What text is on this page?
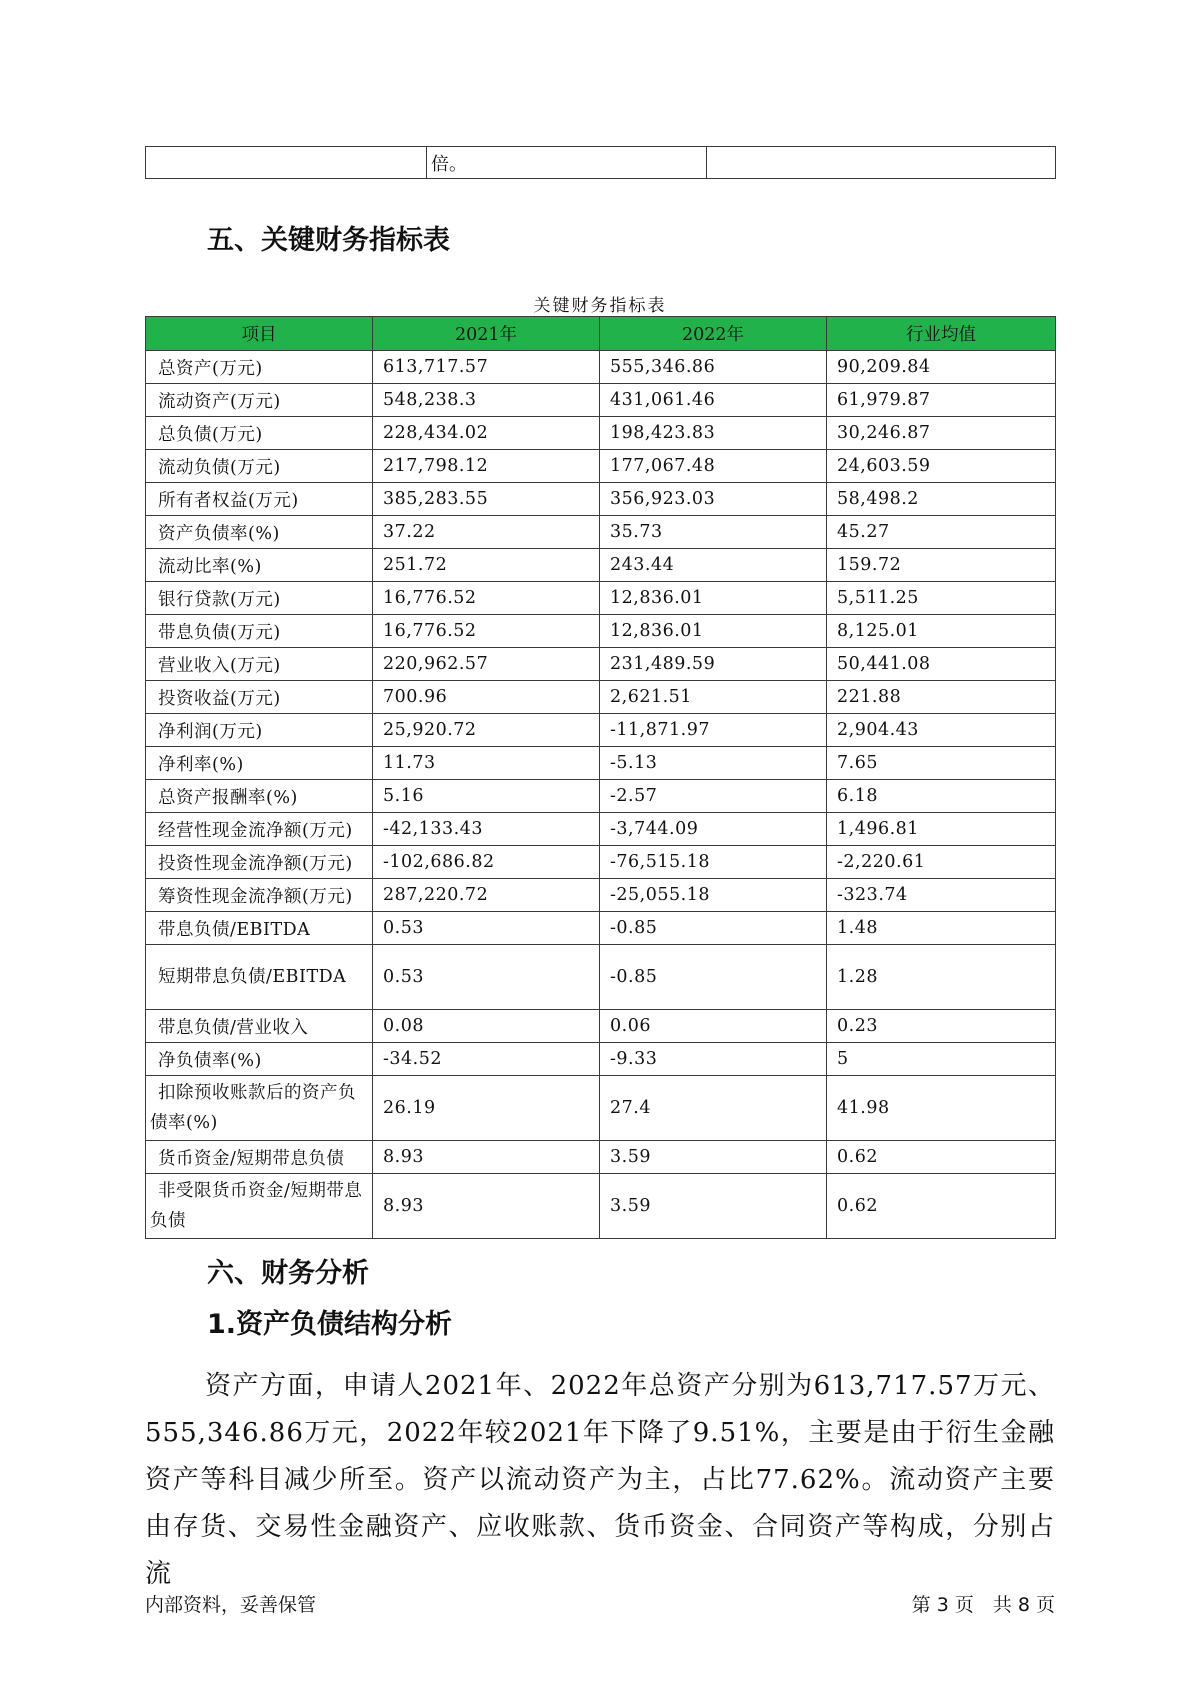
	倍。	
五、关键财务指标表
关键财务指标表
项目	2021年	2022年	行业均值
总资产(万元)	613,717.57	555,346.86	90,209.84
流动资产(万元)	548,238.3	431,061.46	61,979.87
总负债(万元)	228,434.02	198,423.83	30,246.87
流动负债(万元)	217,798.12	177,067.48	24,603.59
所有者权益(万元)	385,283.55	356,923.03	58,498.2
资产负债率(%)	37.22	35.73	45.27
流动比率(%)	251.72	243.44	159.72
银行贷款(万元)	16,776.52	12,836.01	5,511.25
带息负债(万元)	16,776.52	12,836.01	8,125.01
营业收入(万元)	220,962.57	231,489.59	50,441.08
投资收益(万元)	700.96	2,621.51	221.88
净利润(万元)	25,920.72	-11,871.97	2,904.43
净利率(%)	11.73	-5.13	7.65
总资产报酬率(%)	5.16	-2.57	6.18
经营性现金流净额(万元)	-42,133.43	-3,744.09	1,496.81
投资性现金流净额(万元)	-102,686.82	-76,515.18	-2,220.61
筹资性现金流净额(万元)	287,220.72	-25,055.18	-323.74
带息负债/EBITDA	0.53	-0.85	1.48
短期带息负债/EBITDA	0.53	-0.85	1.28
带息负债/营业收入	0.08	0.06	0.23
净负债率(%)	-34.52	-9.33	5
扣除预收账款后的资产负债率(%)	26.19	27.4	41.98
货币资金/短期带息负债	8.93	3.59	0.62
非受限货币资金/短期带息负债	8.93	3.59	0.62
六、财务分析
1.资产负债结构分析

资产方面，申请人2021年、2022年总资产分别为613,717.57万元、555,346.86万元，2022年较2021年下降了9.51%，主要是由于衍生金融资产等科目减少所至。资产以流动资产为主，占比77.62%。流动资产主要由存货、交易性金融资产、应收账款、货币资金、合同资产等构成，分别占流

内部资料，妥善保管	第 3 页　共 8 页
